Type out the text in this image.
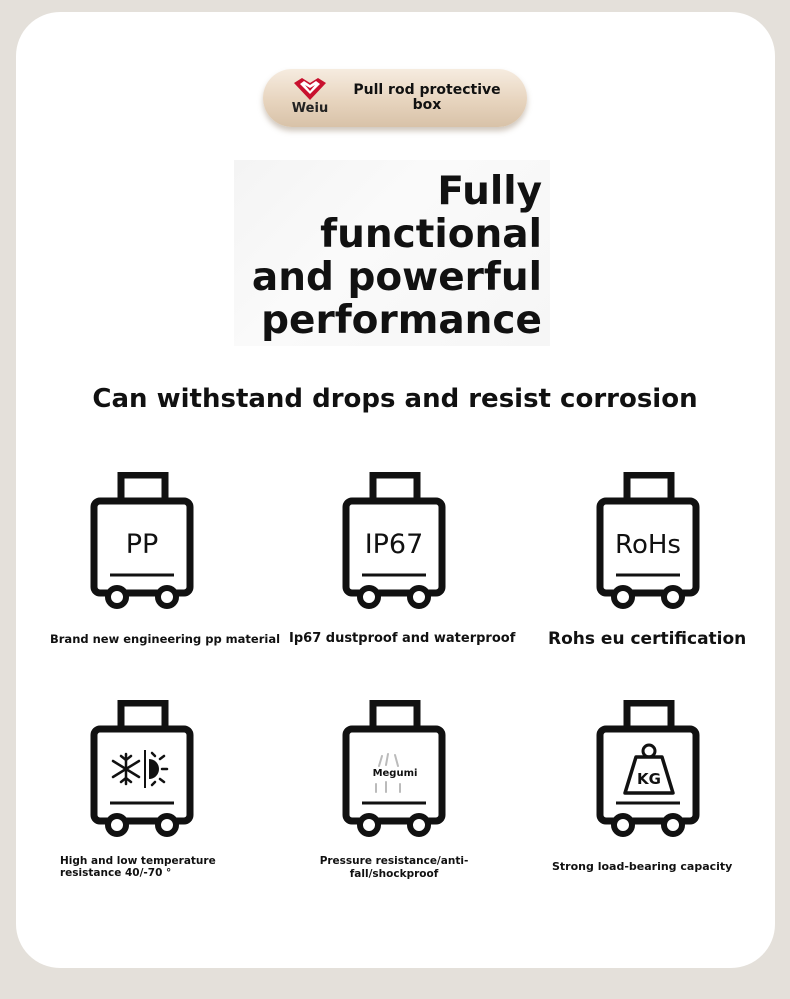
Weiu
Pull rod protective box
Fully functional and powerful performance
Can withstand drops and resist corrosion
PP
Brand new engineering pp material
IP67
Ip67 dustproof and waterproof
RoHs
Rohs eu certification
High and low temperature resistance 40/-70 °
Megumi
Pressure resistance/anti-fall/shockproof
KG
Strong load-bearing capacity
